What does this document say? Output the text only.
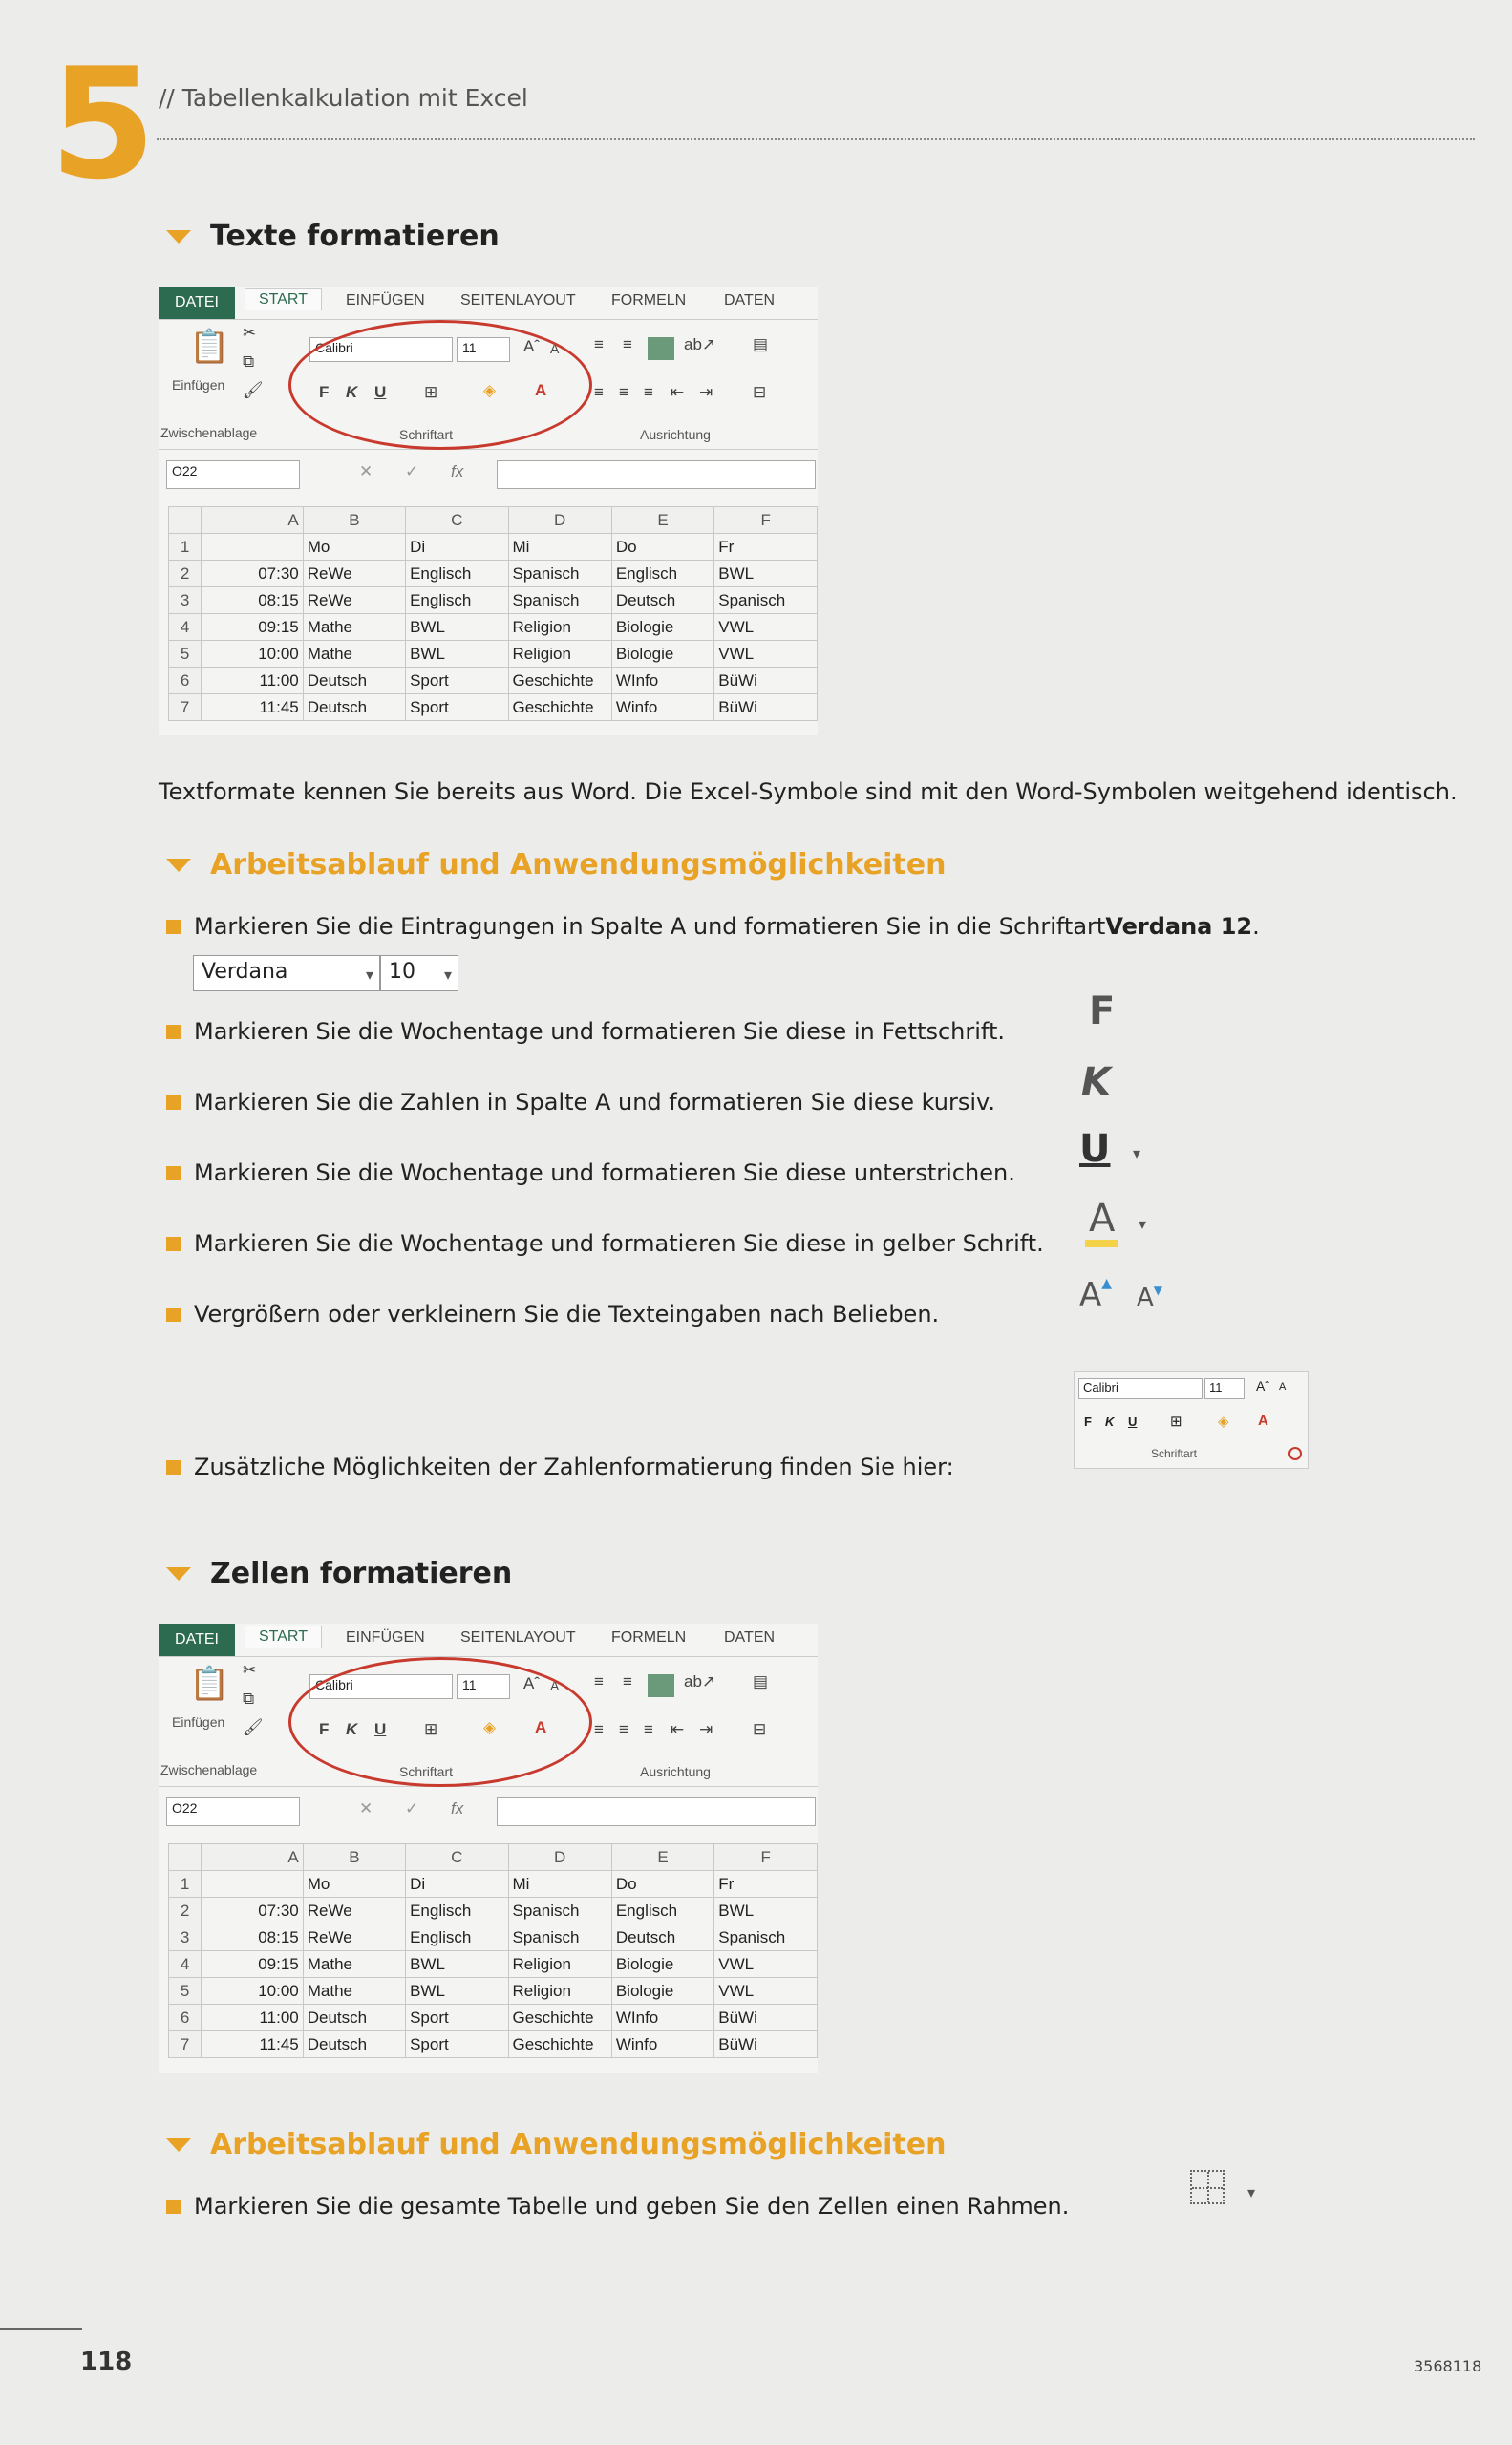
5 // Tabellenkalkulation mit Excel
Texte formatieren
DATEI	START	EINFÜGEN SEITENLAYOUT FORMELN DATEN
📋 ✂
⧉
🖌
Einfügen
Zwischenablage
Calibri	11	Aˆ A
F K U ⊞	◈ A
Schriftart
≡ ≡	ab↗
≡ ≡ ≡ ⇤ ⇥
▤
⊟
Ausrichtung
O22	✕ ✓ fx
	A	B	C	D	E	F
1		Mo	Di	Mi	Do	Fr
2	07:30	ReWe	Englisch	Spanisch	Englisch	BWL
3	08:15	ReWe	Englisch	Spanisch	Deutsch	Spanisch
4	09:15	Mathe	BWL	Religion	Biologie	VWL
5	10:00	Mathe	BWL	Religion	Biologie	VWL
6	11:00	Deutsch	Sport	Geschichte	WInfo	BüWi
7	11:45	Deutsch	Sport	Geschichte	Winfo	BüWi
Textformate kennen Sie bereits aus Word. Die Excel-Symbole sind mit den Word-Symbolen weitgehend identisch.
Arbeitsablauf und Anwendungsmöglichkeiten
Markieren Sie die Eintragungen in Spalte A und formatieren Sie in die Schriftart Verdana 12 .
Verdana	▾ 10 ▾
Markieren Sie die Wochentage und formatieren Sie diese in Fettschrift. F
Markieren Sie die Zahlen in Spalte A und formatieren Sie diese kursiv. K
Markieren Sie die Wochentage und formatieren Sie diese unterstrichen.
U ▾
Markieren Sie die Wochentage und formatieren Sie diese in gelber Schrift.
A ▾
Vergrößern oder verkleinern Sie die Texteingaben nach Belieben.	A▲ A▼
Calibri	11	Aˆ A
F K U ⊞ ◈ A
Schriftart
Zusätzliche Möglichkeiten der Zahlenformatierung finden Sie hier:
Zellen formatieren
DATEI	START	EINFÜGEN SEITENLAYOUT FORMELN DATEN
📋 ✂
⧉
🖌
Einfügen
Zwischenablage
Calibri	11	Aˆ A
F K U ⊞	◈ A
Schriftart
≡ ≡	ab↗
≡ ≡ ≡ ⇤ ⇥
▤
⊟
Ausrichtung
O22	✕ ✓ fx
	A	B	C	D	E	F
1		Mo	Di	Mi	Do	Fr
2	07:30	ReWe	Englisch	Spanisch	Englisch	BWL
3	08:15	ReWe	Englisch	Spanisch	Deutsch	Spanisch
4	09:15	Mathe	BWL	Religion	Biologie	VWL
5	10:00	Mathe	BWL	Religion	Biologie	VWL
6	11:00	Deutsch	Sport	Geschichte	WInfo	BüWi
7	11:45	Deutsch	Sport	Geschichte	Winfo	BüWi
Arbeitsablauf und Anwendungsmöglichkeiten
Markieren Sie die gesamte Tabelle und geben Sie den Zellen einen Rahmen.
▾
118	3568118
